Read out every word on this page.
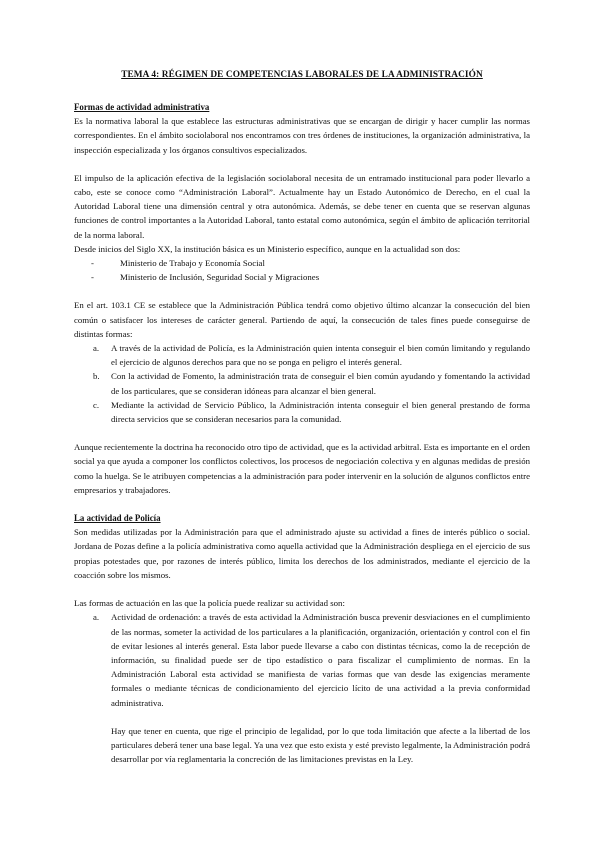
TEMA 4: RÉGIMEN DE COMPETENCIAS LABORALES DE LA ADMINISTRACIÓN
Formas de actividad administrativa

Es la normativa laboral la que establece las estructuras administrativas que se encargan de dirigir y hacer cumplir las normas correspondientes. En el ámbito sociolaboral nos encontramos con tres órdenes de instituciones, la organización administrativa, la inspección especializada y los órganos consultivos especializados.

El impulso de la aplicación efectiva de la legislación sociolaboral necesita de un entramado institucional para poder llevarlo a cabo, este se conoce como “Administración Laboral”. Actualmente hay un Estado Autonómico de Derecho, en el cual la Autoridad Laboral tiene una dimensión central y otra autonómica. Además, se debe tener en cuenta que se reservan algunas funciones de control importantes a la Autoridad Laboral, tanto estatal como autonómica, según el ámbito de aplicación territorial de la norma laboral.

Desde inicios del Siglo XX, la institución básica es un Ministerio específico, aunque en la actualidad son dos:

-	Ministerio de Trabajo y Economía Social
-	Ministerio de Inclusión, Seguridad Social y Migraciones

En el art. 103.1 CE se establece que la Administración Pública tendrá como objetivo último alcanzar la consecución del bien común o satisfacer los intereses de carácter general. Partiendo de aquí, la consecución de tales fines puede conseguirse de distintas formas:

a. A través de la actividad de Policía, es la Administración quien intenta conseguir el bien común limitando y regulando el ejercicio de algunos derechos para que no se ponga en peligro el interés general.
b. Con la actividad de Fomento, la administración trata de conseguir el bien común ayudando y fomentando la actividad de los particulares, que se consideran idóneas para alcanzar el bien general.
c. Mediante la actividad de Servicio Público, la Administración intenta conseguir el bien general prestando de forma directa servicios que se consideran necesarios para la comunidad.

Aunque recientemente la doctrina ha reconocido otro tipo de actividad, que es la actividad arbitral. Esta es importante en el orden social ya que ayuda a componer los conflictos colectivos, los procesos de negociación colectiva y en algunas medidas de presión como la huelga. Se le atribuyen competencias a la administración para poder intervenir en la solución de algunos conflictos entre empresarios y trabajadores.

La actividad de Policía

Son medidas utilizadas por la Administración para que el administrado ajuste su actividad a fines de interés público o social. Jordana de Pozas define a la policía administrativa como aquella actividad que la Administración despliega en el ejercicio de sus propias potestades que, por razones de interés público, limita los derechos de los administrados, mediante el ejercicio de la coacción sobre los mismos.

Las formas de actuación en las que la policía puede realizar su actividad son:

a. Actividad de ordenación: a través de esta actividad la Administración busca prevenir desviaciones en el cumplimiento de las normas, someter la actividad de los particulares a la planificación, organización, orientación y control con el fin de evitar lesiones al interés general. Esta labor puede llevarse a cabo con distintas técnicas, como la de recepción de información, su finalidad puede ser de tipo estadístico o para fiscalizar el cumplimiento de normas. En la Administración Laboral esta actividad se manifiesta de varias formas que van desde las exigencias meramente formales o mediante técnicas de condicionamiento del ejercicio lícito de una actividad a la previa conformidad administrativa.

Hay que tener en cuenta, que rige el principio de legalidad, por lo que toda limitación que afecte a la libertad de los particulares deberá tener una base legal. Ya una vez que esto exista y esté previsto legalmente, la Administración podrá desarrollar por vía reglamentaria la concreción de las limitaciones previstas en la Ley.
